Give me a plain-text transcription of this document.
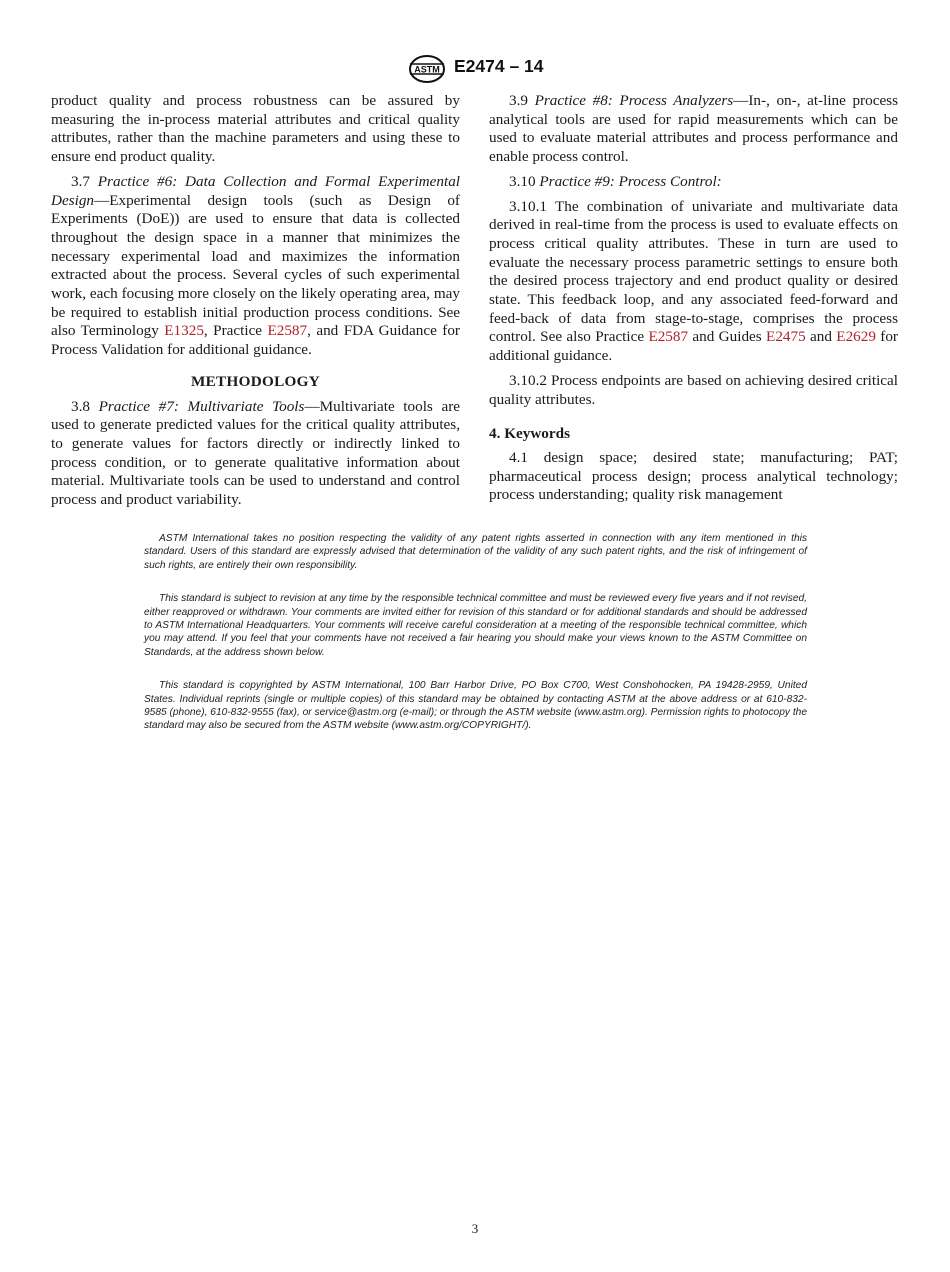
ASTM E2474 – 14

product quality and process robustness can be assured by measuring the in-process material attributes and critical quality attributes, rather than the machine parameters and using these to ensure end product quality.

3.7 Practice #6: Data Collection and Formal Experimental Design—Experimental design tools (such as Design of Experiments (DoE)) are used to ensure that data is collected throughout the design space in a manner that minimizes the necessary experimental load and maximizes the information extracted about the process. Several cycles of such experimental work, each focusing more closely on the likely operating area, may be required to establish initial production process conditions. See also Terminology E1325, Practice E2587, and FDA Guidance for Process Validation for additional guidance.

METHODOLOGY

3.8 Practice #7: Multivariate Tools—Multivariate tools are used to generate predicted values for the critical quality attributes, to generate values for factors directly or indirectly linked to process condition, or to generate qualitative information about material. Multivariate tools can be used to understand and control process and product variability.

3.9 Practice #8: Process Analyzers—In-, on-, at-line process analytical tools are used for rapid measurements which can be used to evaluate material attributes and process performance and enable process control.

3.10 Practice #9: Process Control:

3.10.1 The combination of univariate and multivariate data derived in real-time from the process is used to evaluate effects on process critical quality attributes. These in turn are used to evaluate the necessary process parametric settings to ensure both the desired process trajectory and end product quality or desired state. This feedback loop, and any associated feed-forward and feed-back of data from stage-to-stage, comprises the process control. See also Practice E2587 and Guides E2475 and E2629 for additional guidance.

3.10.2 Process endpoints are based on achieving desired critical quality attributes.

4. Keywords

4.1 design space; desired state; manufacturing; PAT; pharmaceutical process design; process analytical technology; process understanding; quality risk management

ASTM International takes no position respecting the validity of any patent rights asserted in connection with any item mentioned in this standard. Users of this standard are expressly advised that determination of the validity of any such patent rights, and the risk of infringement of such rights, are entirely their own responsibility.

This standard is subject to revision at any time by the responsible technical committee and must be reviewed every five years and if not revised, either reapproved or withdrawn. Your comments are invited either for revision of this standard or for additional standards and should be addressed to ASTM International Headquarters. Your comments will receive careful consideration at a meeting of the responsible technical committee, which you may attend. If you feel that your comments have not received a fair hearing you should make your views known to the ASTM Committee on Standards, at the address shown below.

This standard is copyrighted by ASTM International, 100 Barr Harbor Drive, PO Box C700, West Conshohocken, PA 19428-2959, United States. Individual reprints (single or multiple copies) of this standard may be obtained by contacting ASTM at the above address or at 610-832-9585 (phone), 610-832-9555 (fax), or service@astm.org (e-mail); or through the ASTM website (www.astm.org). Permission rights to photocopy the standard may also be secured from the ASTM website (www.astm.org/COPYRIGHT/).

3
